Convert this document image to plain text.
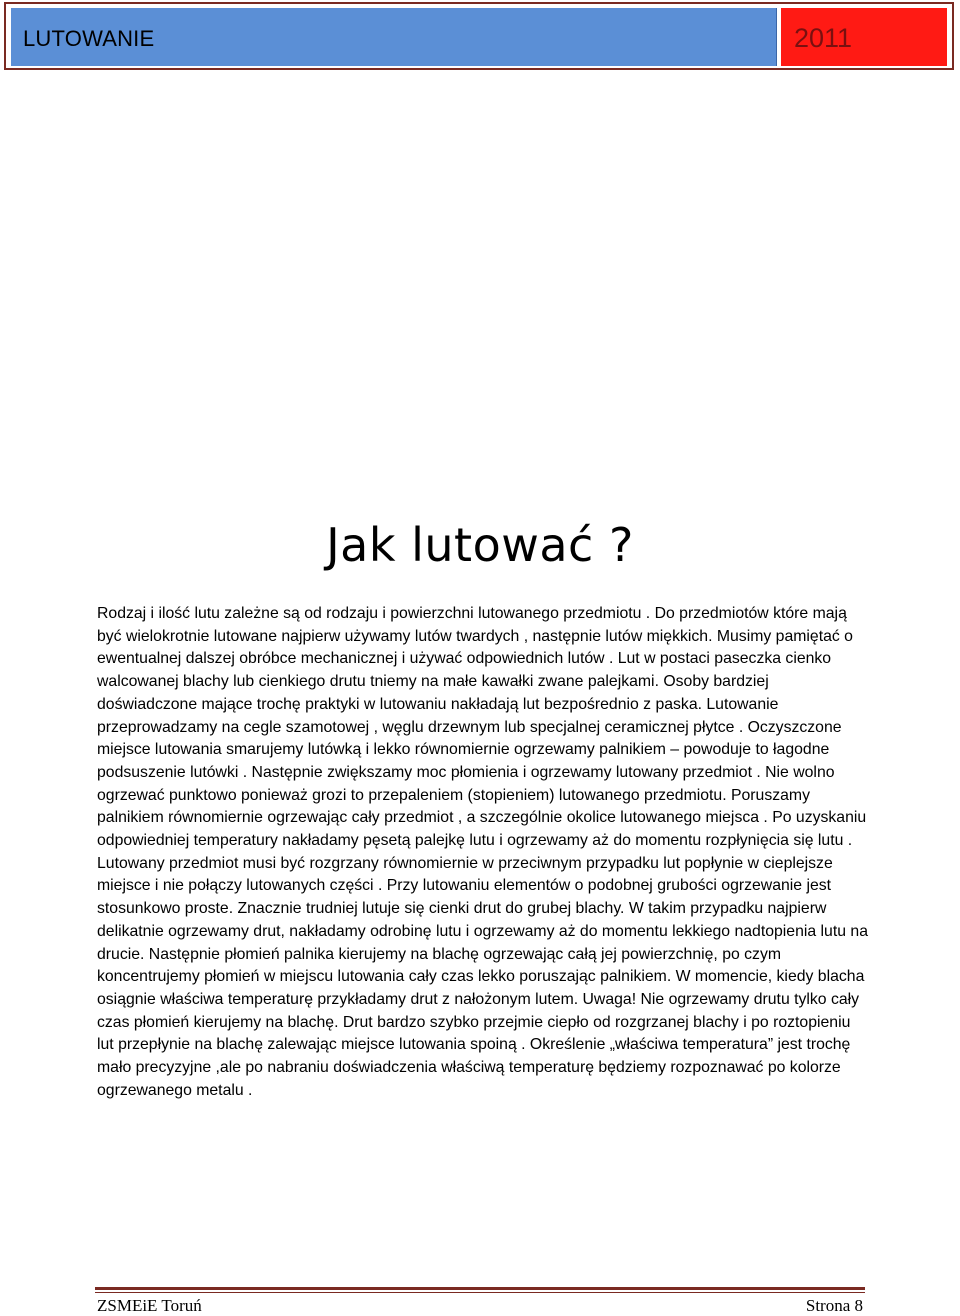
LUTOWANIE	2011
Jak lutować ?

Rodzaj i ilość lutu zależne są od rodzaju i powierzchni lutowanego przedmiotu . Do przedmiotów które mają być wielokrotnie lutowane najpierw używamy lutów twardych , następnie lutów miękkich. Musimy pamiętać o ewentualnej dalszej obróbce mechanicznej i używać odpowiednich lutów . Lut w postaci paseczka cienko walcowanej blachy lub cienkiego drutu tniemy na małe kawałki zwane palejkami. Osoby bardziej doświadczone mające trochę praktyki w lutowaniu nakładają lut bezpośrednio z paska. Lutowanie przeprowadzamy na cegle szamotowej , węglu drzewnym lub specjalnej ceramicznej płytce . Oczyszczone miejsce lutowania smarujemy lutówką i lekko równomiernie ogrzewamy palnikiem – powoduje to łagodne podsuszenie lutówki . Następnie zwiększamy moc płomienia i ogrzewamy lutowany przedmiot . Nie wolno ogrzewać punktowo ponieważ grozi to przepaleniem (stopieniem) lutowanego przedmiotu. Poruszamy palnikiem równomiernie ogrzewając cały przedmiot , a szczególnie okolice lutowanego miejsca . Po uzyskaniu odpowiedniej temperatury nakładamy pęsetą palejkę lutu i ogrzewamy aż do momentu rozpłynięcia się lutu . Lutowany przedmiot musi być rozgrzany równomiernie w przeciwnym przypadku lut popłynie w cieplejsze miejsce i nie połączy lutowanych części . Przy lutowaniu elementów o podobnej grubości ogrzewanie jest stosunkowo proste. Znacznie trudniej lutuje się cienki drut do grubej blachy. W takim przypadku najpierw delikatnie ogrzewamy drut, nakładamy odrobinę lutu i ogrzewamy aż do momentu lekkiego nadtopienia lutu na drucie. Następnie płomień palnika kierujemy na blachę ogrzewając całą jej powierzchnię, po czym koncentrujemy płomień w miejscu lutowania cały czas lekko poruszając palnikiem. W momencie, kiedy blacha osiągnie właściwa temperaturę przykładamy drut z nałożonym lutem. Uwaga! Nie ogrzewamy drutu tylko cały czas płomień kierujemy na blachę. Drut bardzo szybko przejmie ciepło od rozgrzanej blachy i po roztopieniu lut przepłynie na blachę zalewając miejsce lutowania spoiną . Określenie „właściwa temperatura” jest trochę mało precyzyjne ,ale po nabraniu doświadczenia właściwą temperaturę będziemy rozpoznawać po kolorze ogrzewanego metalu .

ZSMEiE Toruń	Strona 8
